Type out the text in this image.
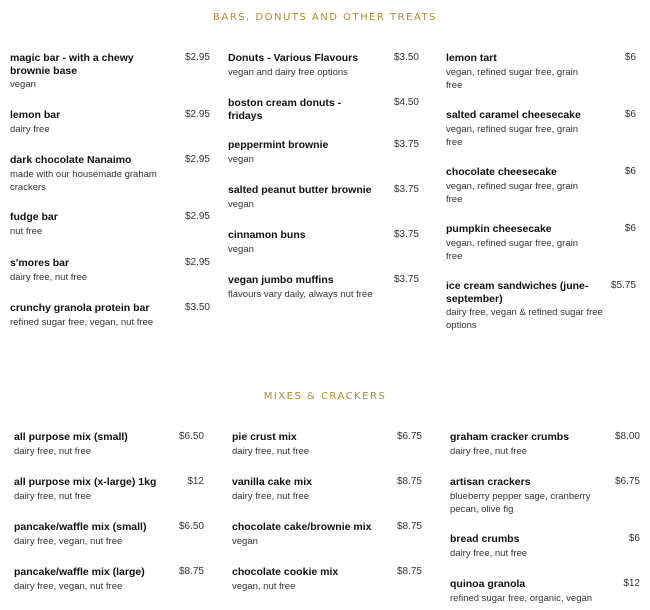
BARS, DONUTS AND OTHER TREATS
magic bar - with a chewy brownie base
$2.95
vegan
lemon bar	$2.95
dairy free
dark chocolate Nanaimo	$2.95
made with our housemade graham crackers
fudge bar	$2.95
nut free
s'mores bar	$2.95
dairy free, nut free
crunchy granola protein bar	$3.50
refined sugar free, vegan, nut free
Donuts - Various Flavours	$3.50
vegan and dairy free options
boston cream donuts - fridays
$4.50
peppermint brownie	$3.75
vegan
salted peanut butter brownie	$3.75
vegan
cinnamon buns	$3.75
vegan
vegan jumbo muffins	$3.75
flavours vary daily, always nut free
lemon tart	$6
vegan, refined sugar free, grain free
salted caramel cheesecake	$6
vegan, refined sugar free, grain free
chocolate cheesecake	$6
vegan, refined sugar free, grain free
pumpkin cheesecake	$6
vegan, refined sugar free, grain free
ice cream sandwiches (june-september)
$5.75
dairy free, vegan & refined sugar free options
MIXES & CRACKERS
all purpose mix (small)	$6.50
dairy free, nut free
all purpose mix (x-large) 1kg	$12
dairy free, nut free
pancake/waffle mix (small)	$6.50
dairy free, vegan, nut free
pancake/waffle mix (large)	$8.75
dairy free, vegan, nut free
pie crust mix	$6.75
dairy free, nut free
vanilla cake mix	$8.75
dairy free, nut free
chocolate cake/brownie mix	$8.75
vegan
chocolate cookie mix	$8.75
vegan, nut free
graham cracker crumbs	$8.00
dairy free, nut free
artisan crackers	$6.75
blueberry pepper sage, cranberry pecan, olive fig
bread crumbs	$6
dairy free, nut free
quinoa granola	$12
refined sugar free, organic, vegan
